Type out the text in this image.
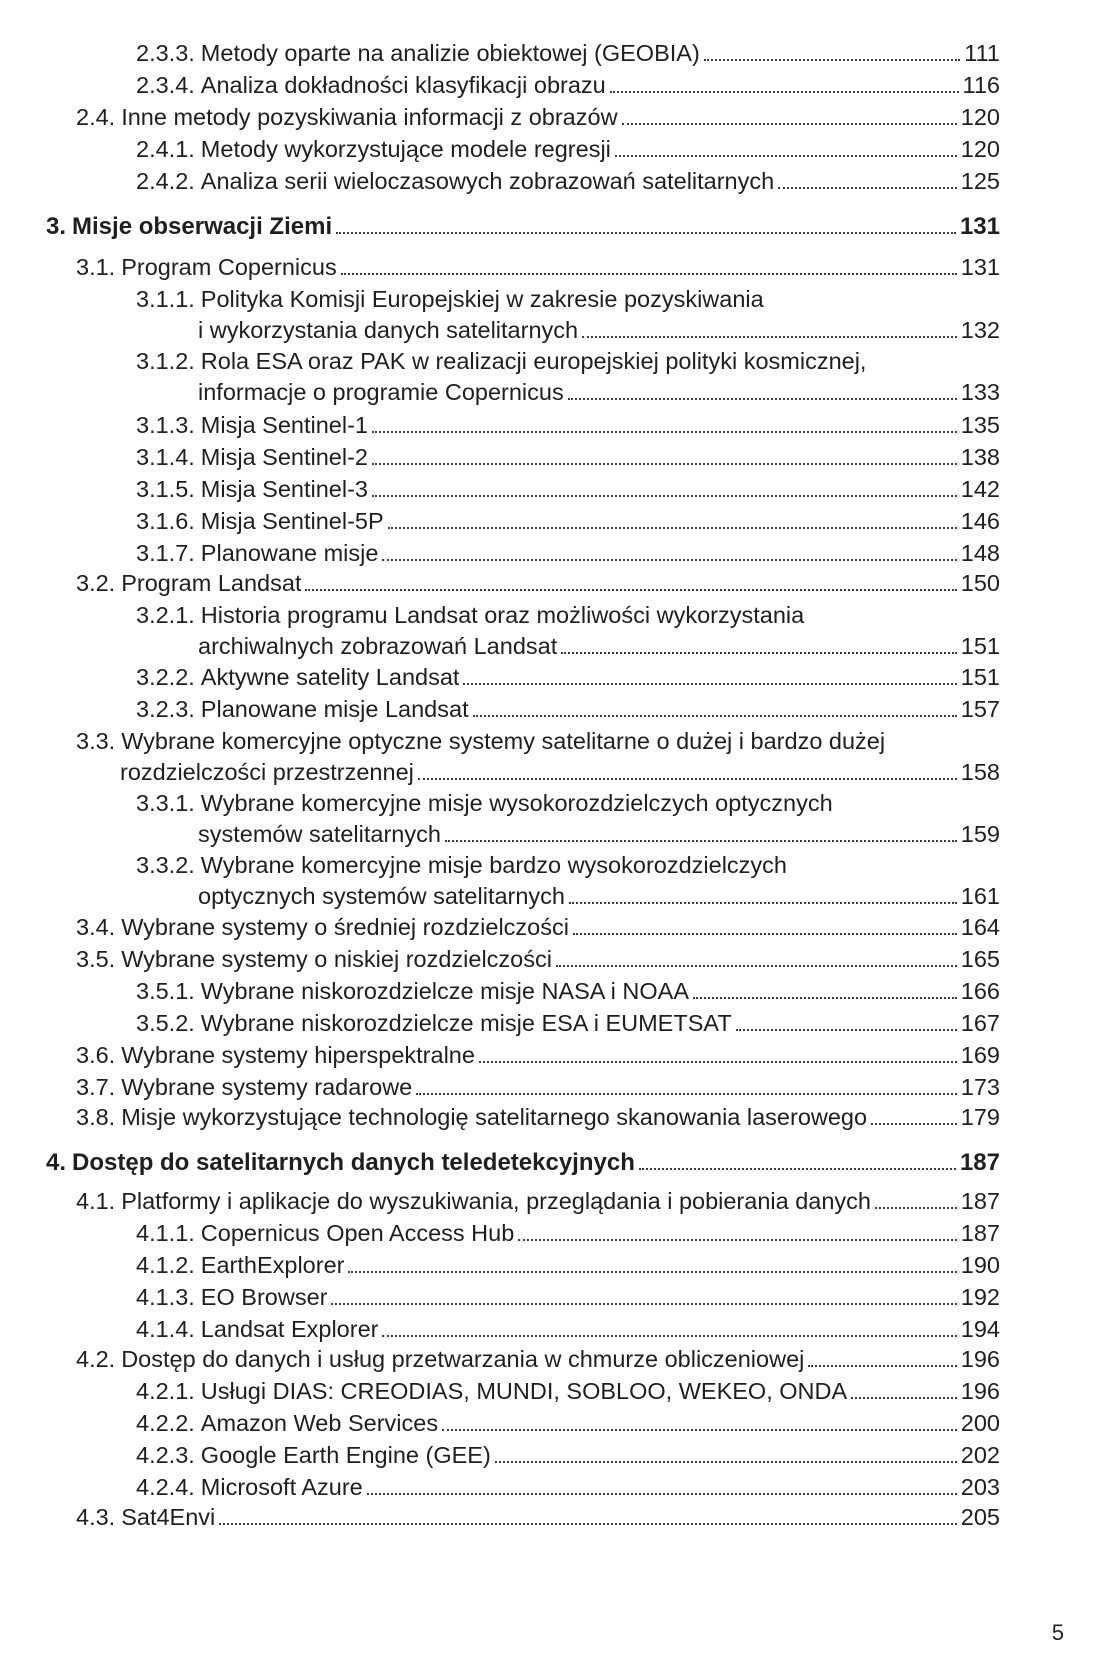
2.3.3. Metody oparte na analizie obiektowej (GEOBIA)	111
2.3.4. Analiza dokładności klasyfikacji obrazu	116
2.4. Inne metody pozyskiwania informacji z obrazów	120
2.4.1. Metody wykorzystujące modele regresji	120
2.4.2. Analiza serii wieloczasowych zobrazowań satelitarnych	125
3. Misje obserwacji Ziemi	131
3.1. Program Copernicus	131
3.1.1. Polityka Komisji Europejskiej w zakresie pozyskiwania
i wykorzystania danych satelitarnych	132
3.1.2. Rola ESA oraz PAK w realizacji europejskiej polityki kosmicznej,
informacje o programie Copernicus	133
3.1.3. Misja Sentinel-1	135
3.1.4. Misja Sentinel-2	138
3.1.5. Misja Sentinel-3	142
3.1.6. Misja Sentinel-5P	146
3.1.7. Planowane misje	148
3.2. Program Landsat	150
3.2.1. Historia programu Landsat oraz możliwości wykorzystania
archiwalnych zobrazowań Landsat	151
3.2.2. Aktywne satelity Landsat	151
3.2.3. Planowane misje Landsat	157
3.3. Wybrane komercyjne optyczne systemy satelitarne o dużej i bardzo dużej
rozdzielczości przestrzennej	158
3.3.1. Wybrane komercyjne misje wysokorozdzielczych optycznych
systemów satelitarnych	159
3.3.2. Wybrane komercyjne misje bardzo wysokorozdzielczych
optycznych systemów satelitarnych	161
3.4. Wybrane systemy o średniej rozdzielczości	164
3.5. Wybrane systemy o niskiej rozdzielczości	165
3.5.1. Wybrane niskorozdzielcze misje NASA i NOAA	166
3.5.2. Wybrane niskorozdzielcze misje ESA i EUMETSAT	167
3.6. Wybrane systemy hiperspektralne	169
3.7. Wybrane systemy radarowe	173
3.8. Misje wykorzystujące technologię satelitarnego skanowania laserowego	179
4. Dostęp do satelitarnych danych teledetekcyjnych	187
4.1. Platformy i aplikacje do wyszukiwania, przeglądania i pobierania danych	187
4.1.1. Copernicus Open Access Hub	187
4.1.2. EarthExplorer	190
4.1.3. EO Browser	192
4.1.4. Landsat Explorer	194
4.2. Dostęp do danych i usług przetwarzania w chmurze obliczeniowej	196
4.2.1. Usługi DIAS: CREODIAS, MUNDI, SOBLOO, WEKEO, ONDA	196
4.2.2. Amazon Web Services	200
4.2.3. Google Earth Engine (GEE)	202
4.2.4. Microsoft Azure	203
4.3. Sat4Envi	205
5
